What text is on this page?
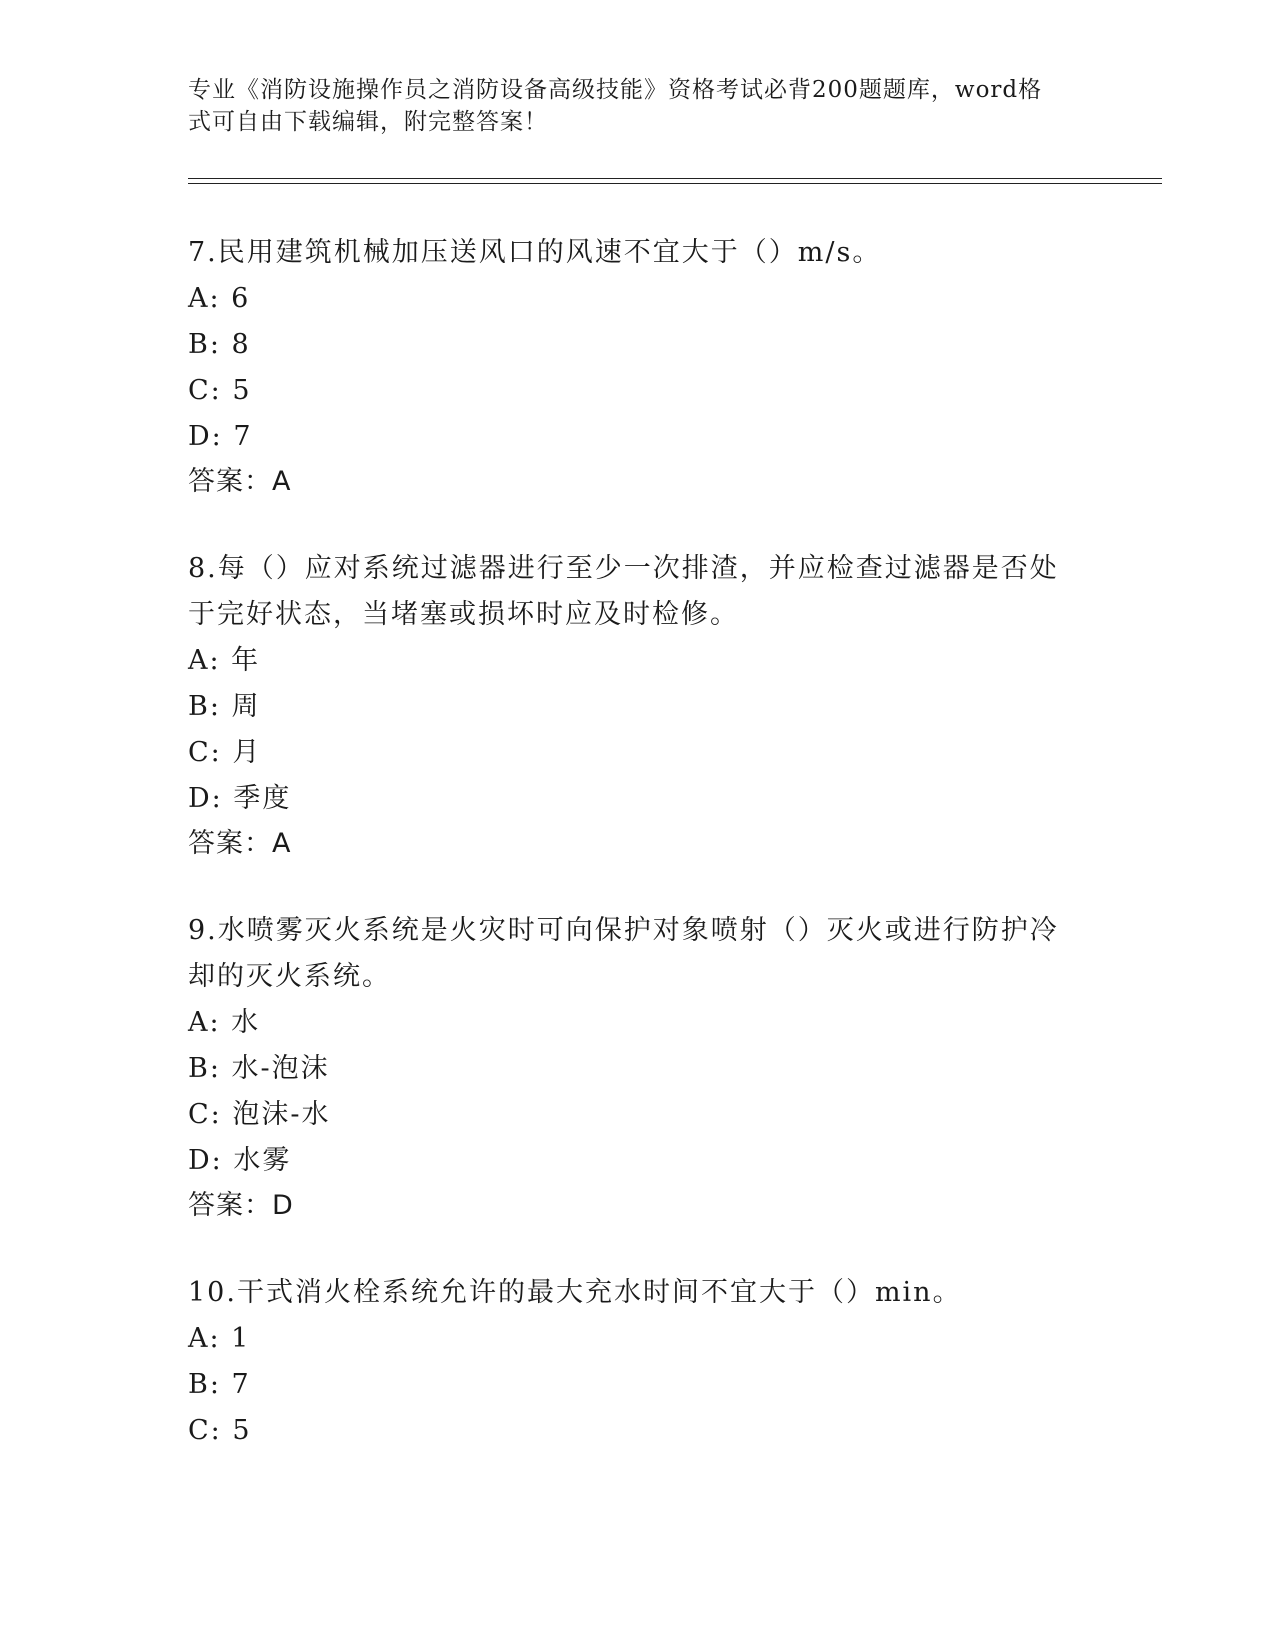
专业《消防设施操作员之消防设备高级技能》资格考试必背200题题库，word格
式可自由下载编辑，附完整答案！

7.民用建筑机械加压送风口的风速不宜大于（）m/s。

A: 6

B: 8

C: 5

D: 7

答案：A

8.每（）应对系统过滤器进行至少一次排渣，并应检查过滤器是否处于完好状态，当堵塞或损坏时应及时检修。

A: 年

B: 周

C: 月

D: 季度

答案：A

9.水喷雾灭火系统是火灾时可向保护对象喷射（）灭火或进行防护冷却的灭火系统。

A: 水

B: 水-泡沫

C: 泡沫-水

D: 水雾

答案：D

10.干式消火栓系统允许的最大充水时间不宜大于（）min。

A: 1

B: 7

C: 5
